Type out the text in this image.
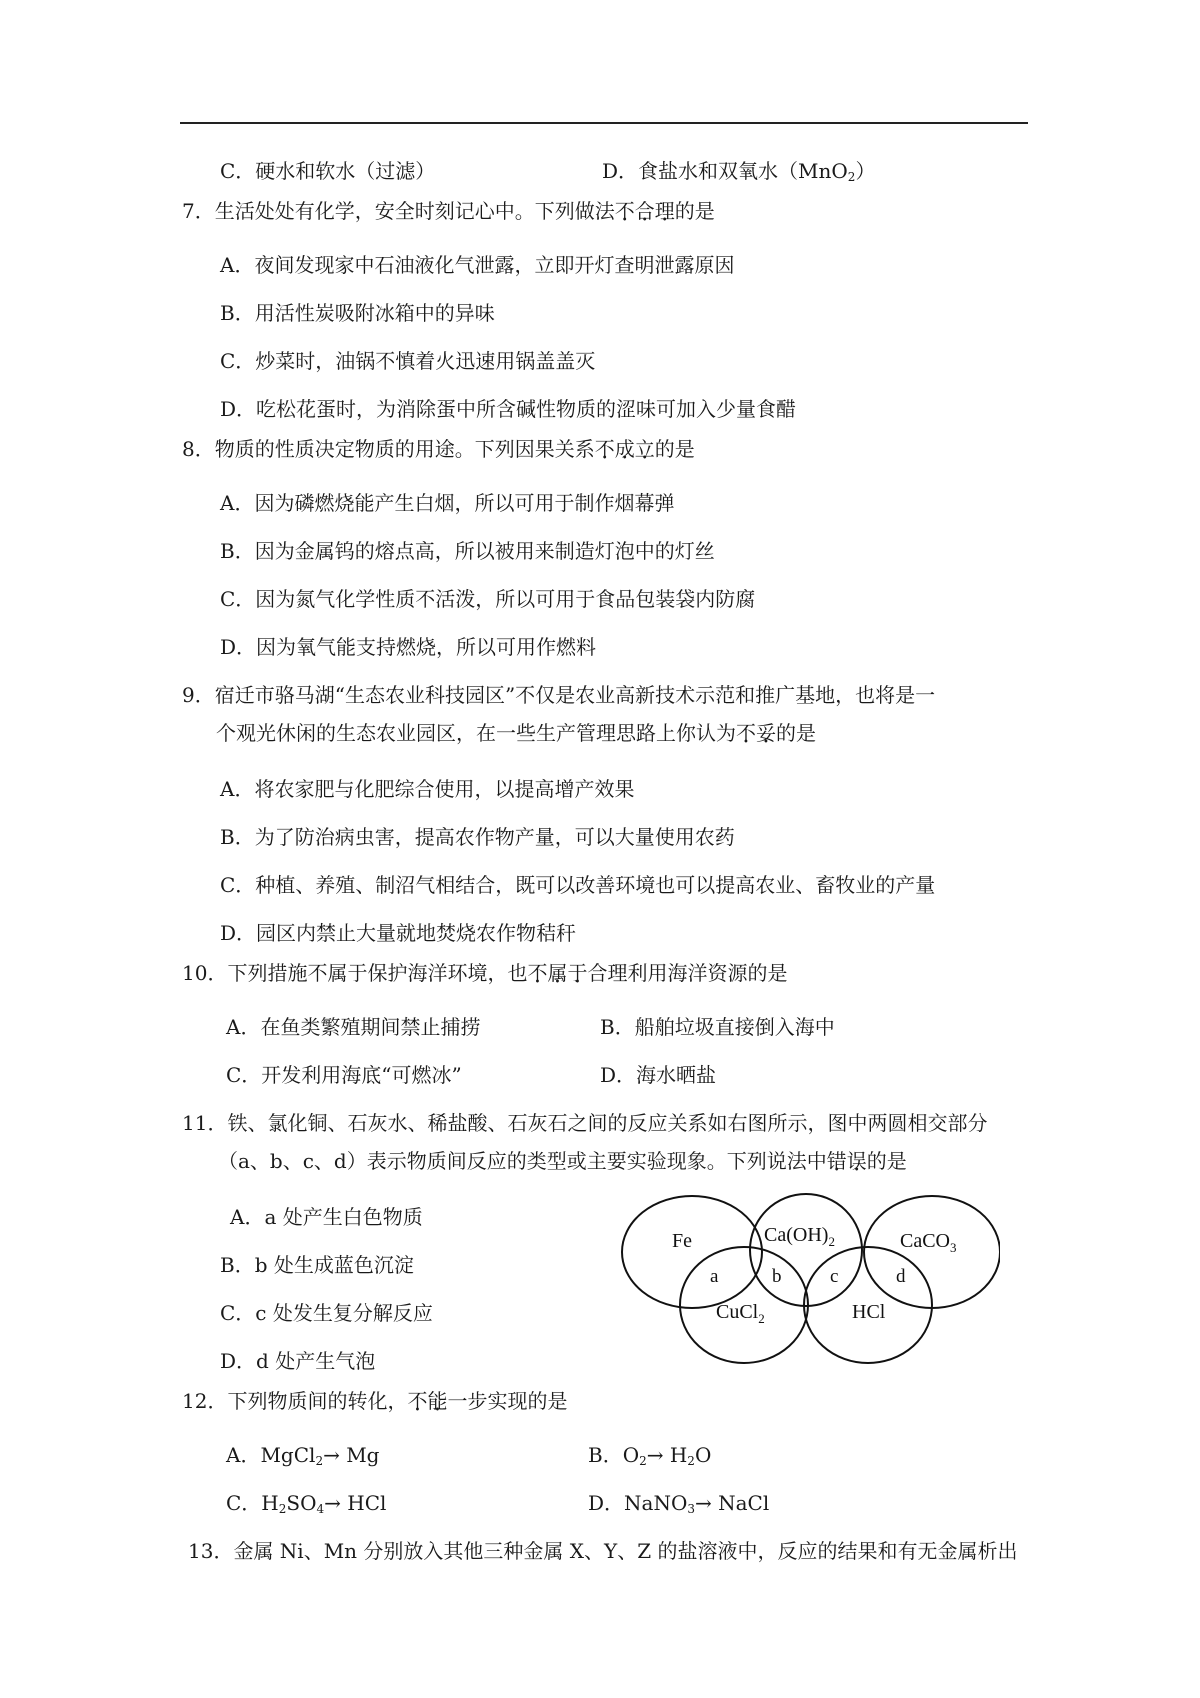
C．硬水和软水（过滤）	D．食盐水和双氧水（MnO$_2$）
7．生活处处有化学，安全时刻记心中。下列做法不合理的是
A．夜间发现家中石油液化气泄露，立即开灯查明泄露原因
B．用活性炭吸附冰箱中的异味
C．炒菜时，油锅不慎着火迅速用锅盖盖灭
D．吃松花蛋时，为消除蛋中所含碱性物质的涩味可加入少量食醋
8．物质的性质决定物质的用途。下列因果关系不成立的是
A．因为磷燃烧能产生白烟，所以可用于制作烟幕弹
B．因为金属钨的熔点高，所以被用来制造灯泡中的灯丝
C．因为氮气化学性质不活泼，所以可用于食品包装袋内防腐
D．因为氧气能支持燃烧，所以可用作燃料
9．宿迁市骆马湖“生态农业科技园区”不仅是农业高新技术示范和推广基地，也将是一
个观光休闲的生态农业园区，在一些生产管理思路上你认为不妥的是
A．将农家肥与化肥综合使用，以提高增产效果
B．为了防治病虫害，提高农作物产量，可以大量使用农药
C．种植、养殖、制沼气相结合，既可以改善环境也可以提高农业、畜牧业的产量
D．园区内禁止大量就地焚烧农作物秸秆
10．下列措施不属于保护海洋环境，也不属于合理利用海洋资源的是
A．在鱼类繁殖期间禁止捕捞	B．船舶垃圾直接倒入海中
C．开发利用海底“可燃冰”	D．海水晒盐
11．铁、氯化铜、石灰水、稀盐酸、石灰石之间的反应关系如右图所示，图中两圆相交部分
（a、b、c、d）表示物质间反应的类型或主要实验现象。下列说法中错误的是
A．a 处产生白色物质
B．b 处生成蓝色沉淀
C．c 处发生复分解反应
D．d 处产生气泡
Fe	$Ca(OH)_2$	CaCO$_3$
CuCl$_2$	HCl
a	b	c	d
12．下列物质间的转化，不能一步实现的是
A．MgCl$_2$→ Mg	B．$O_2\to H_2O$
C．$H_2SO_4\to$ HCl	D．NaNO$_3$→ NaCl
13．金属 Ni、Mn 分别放入其他三种金属 X、Y、Z 的盐溶液中，反应的结果和有无金属析出
